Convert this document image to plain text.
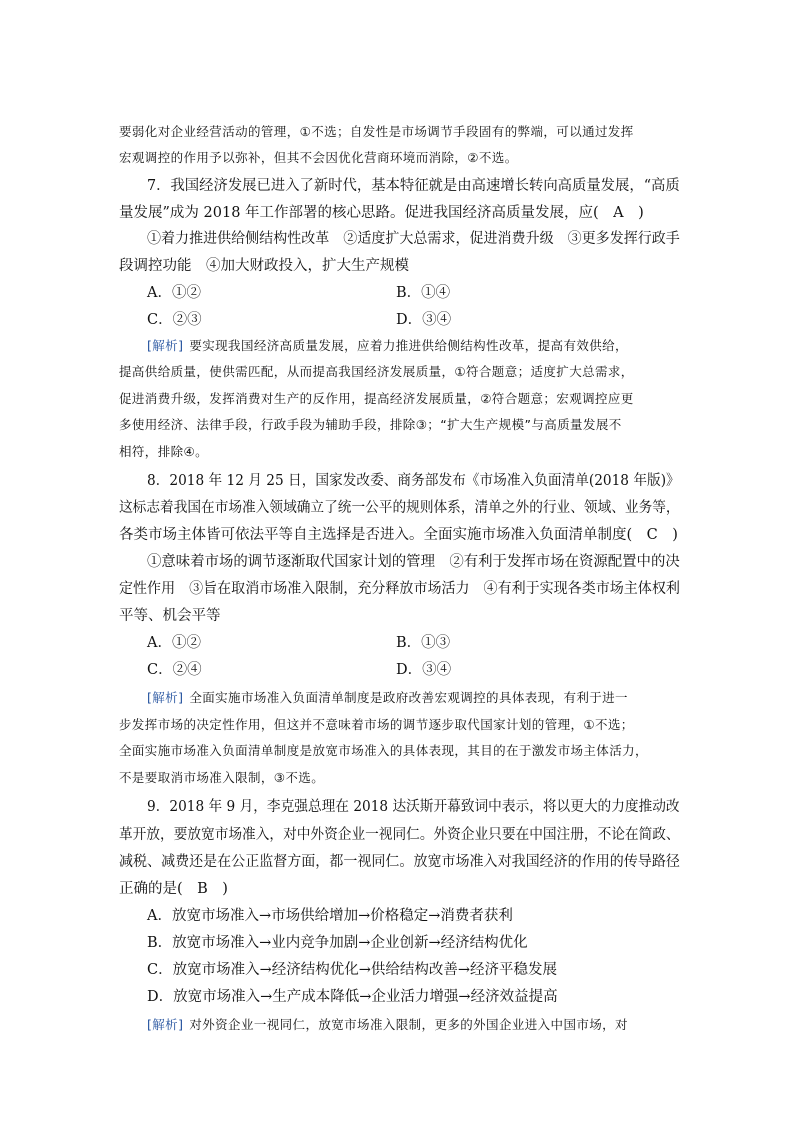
要弱化对企业经营活动的管理，①不选；自发性是市场调节手段固有的弊端，可以通过发挥
宏观调控的作用予以弥补，但其不会因优化营商环境而消除，②不选。
7．我国经济发展已进入了新时代，基本特征就是由高速增长转向高质量发展，“高质
量发展”成为 2018 年工作部署的核心思路。促进我国经济高质量发展，应(　A　)
①着力推进供给侧结构性改革　②适度扩大总需求，促进消费升级　③更多发挥行政手
段调控功能　④加大财政投入，扩大生产规模
A．①②	B．①④
C．②③	D．③④
[解析] 要实现我国经济高质量发展，应着力推进供给侧结构性改革，提高有效供给，
提高供给质量，使供需匹配，从而提高我国经济发展质量，①符合题意；适度扩大总需求，
促进消费升级，发挥消费对生产的反作用，提高经济发展质量，②符合题意；宏观调控应更
多使用经济、法律手段，行政手段为辅助手段，排除③；“扩大生产规模”与高质量发展不
相符，排除④。
8．2018 年 12 月 25 日，国家发改委、商务部发布《市场准入负面清单(2018 年版)》
这标志着我国在市场准入领域确立了统一公平的规则体系，清单之外的行业、领域、业务等，
各类市场主体皆可依法平等自主选择是否进入。全面实施市场准入负面清单制度(　C　)
①意味着市场的调节逐渐取代国家计划的管理　②有利于发挥市场在资源配置中的决
定性作用　③旨在取消市场准入限制，充分释放市场活力　④有利于实现各类市场主体权利
平等、机会平等
A．①②	B．①③
C．②④	D．③④
[解析] 全面实施市场准入负面清单制度是政府改善宏观调控的具体表现，有利于进一
步发挥市场的决定性作用，但这并不意味着市场的调节逐步取代国家计划的管理，①不选；
全面实施市场准入负面清单制度是放宽市场准入的具体表现，其目的在于激发市场主体活力，
不是要取消市场准入限制，③不选。
9．2018 年 9 月，李克强总理在 2018 达沃斯开幕致词中表示，将以更大的力度推动改
革开放，要放宽市场准入，对中外资企业一视同仁。外资企业只要在中国注册，不论在简政、
减税、减费还是在公正监督方面，都一视同仁。放宽市场准入对我国经济的作用的传导路径
正确的是(　B　)
A．放宽市场准入→市场供给增加→价格稳定→消费者获利
B．放宽市场准入→业内竞争加剧→企业创新→经济结构优化
C．放宽市场准入→经济结构优化→供给结构改善→经济平稳发展
D．放宽市场准入→生产成本降低→企业活力增强→经济效益提高
[解析] 对外资企业一视同仁，放宽市场准入限制，更多的外国企业进入中国市场，对
